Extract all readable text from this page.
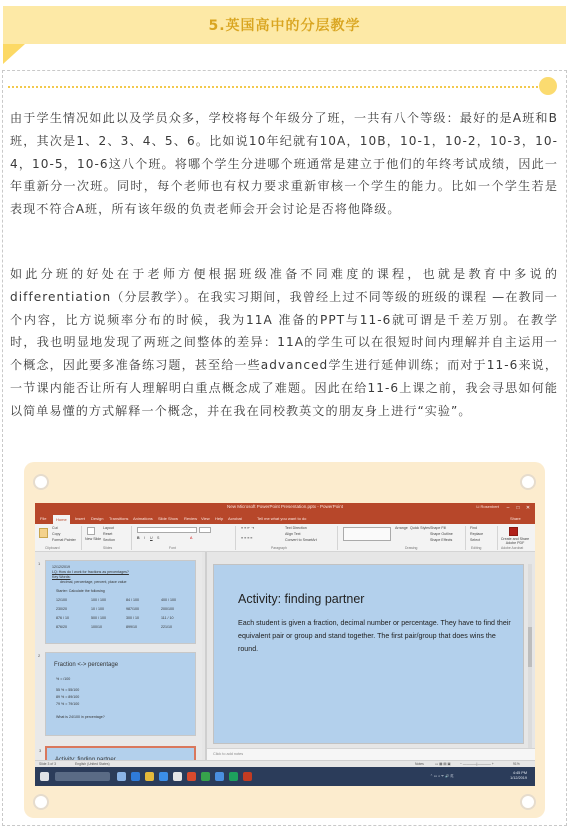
5.英国高中的分层教学

由于学生情况如此以及学员众多，学校将每个年级分了班，一共有八个等级：最好的是A班和B班，其次是1、2、3、4、5、6。比如说10年纪就有10A，10B，10-1，10-2，10-3，10-4，10-5，10-6这八个班。将哪个学生分进哪个班通常是建立于他们的年终考试成绩，因此一年重新分一次班。同时，每个老师也有权力要求重新审核一个学生的能力。比如一个学生若是表现不符合A班，所有该年级的负责老师会开会讨论是否将他降级。

如此分班的好处在于老师方便根据班级准备不同难度的课程，也就是教育中多说的differentiation（分层教学）。在我实习期间，我曾经上过不同等级的班级的课程 —在教同一个内容，比方说频率分布的时候，我为11A 准备的PPT与11-6就可谓是千差万别。在教学时，我也明显地发现了两班之间整体的差异：11A的学生可以在很短时间内理解并自主运用一个概念，因此要多准备练习题，甚至给一些advanced学生进行延伸训练；而对于11-6来说，一节课内能否让所有人理解明白重点概念成了难题。因此在给11-6上课之前，我会寻思如何能以简单易懂的方式解释一个概念，并在我在同校教英文的朋友身上进行“实验”。

New Microsoft PowerPoint Presentation.pptx - PowerPoint	Li Rosenbert	–	□ ✕
File	Home	Insert Design Transitions Animations Slide Show Review View Help Acrobat	Tell me what you want to do	Share
Cut
Copy
Format Painter
Clipboard
New Slide
Layout
Reset
Section
Slides
B I U S	A
Font
≡ ≡ ⇤ ⇥
≡ ≡ ≡ ≡
Text Direction
Align Text
Convert to SmartArt
Paragraph
Arrange Quick Styles Shape Fill
Shape Outline
Shape Effects
Drawing
Find
Replace
Select
Editing
Create and Share Adobe PDF
Adobe Acrobat
1
12/12/2019
LQ: How do I work for fractions as percentages?
Key Words:
decimal, percentage, percent, place value
Starter: Calculate the following
12/100	100 / 100	84 / 100	400 / 100
230/20	10 / 100	987/100	200/100
876 / 10	500 / 100	300 / 10	111 / 10
876/20	100/10	899/10	221/10
2
Fraction <-> percentage
% = /100
55 % = 55/100
89 % = 89/100
79 % = 79/100
What is 24/100 in percentage?
3
Activity: finding partner
Each student is given a fraction, decimal number or percentage. They have to find their equivalent pair or group and stand together. The first pair/group that does wins the round.
Click to add notes
Slide 3 of 3	English (United States)	Notes	▭ ▦ ▤ ▣	− ————|———— +	91%
⌃ ▭ ◖ ᯤ 🔊 英
4:45 PM
1/12/2019
